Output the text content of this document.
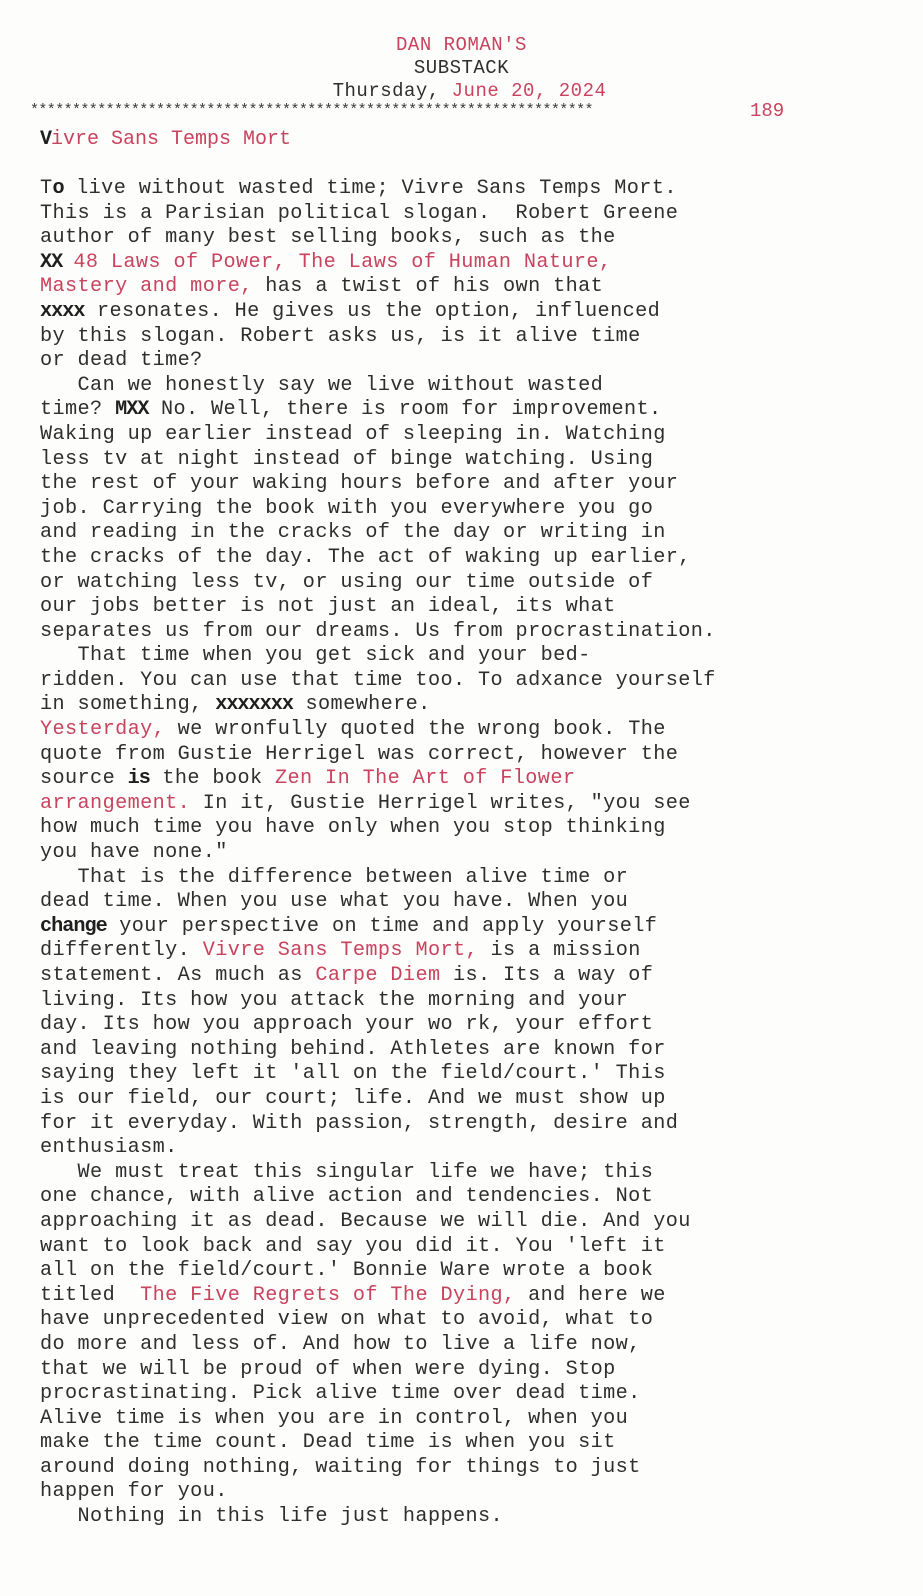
DAN ROMAN'S
SUBSTACK
Thursday, June 20, 2024
*******************************************************************	189
Vivre Sans Temps Mort
To live without wasted time; Vivre Sans Temps Mort.
This is a Parisian political slogan.  Robert Greene
author of many best selling books, such as the
XX 48 Laws of Power, The Laws of Human Nature,
Mastery and more, has a twist of his own that
xxxx resonates. He gives us the option, influenced
by this slogan. Robert asks us, is it alive time
or dead time?
Can we honestly say we live without wasted
time? MXX No. Well, there is room for improvement.
Waking up earlier instead of sleeping in. Watching
less tv at night instead of binge watching. Using
the rest of your waking hours before and after your
job. Carrying the book with you everywhere you go
and reading in the cracks of the day or writing in
the cracks of the day. The act of waking up earlier,
or watching less tv, or using our time outside of
our jobs better is not just an ideal, its what
separates us from our dreams. Us from procrastination.
That time when you get sick and your bed-
ridden. You can use that time too. To adxance yourself
in something, xxxxxxx somewhere.
Yesterday, we wronfully quoted the wrong book. The
quote from Gustie Herrigel was correct, however the
source is the book Zen In The Art of Flower
arrangement. In it, Gustie Herrigel writes, "you see
how much time you have only when you stop thinking
you have none."
That is the difference between alive time or
dead time. When you use what you have. When you
change your perspective on time and apply yourself
differently. Vivre Sans Temps Mort, is a mission
statement. As much as Carpe Diem is. Its a way of
living. Its how you attack the morning and your
day. Its how you approach your wo rk, your effort
and leaving nothing behind. Athletes are known for
saying they left it 'all on the field/court.' This
is our field, our court; life. And we must show up
for it everyday. With passion, strength, desire and
enthusiasm.
We must treat this singular life we have; this
one chance, with alive action and tendencies. Not
approaching it as dead. Because we will die. And you
want to look back and say you did it. You 'left it
all on the field/court.' Bonnie Ware wrote a book
titled  The Five Regrets of The Dying, and here we
have unprecedented view on what to avoid, what to
do more and less of. And how to live a life now,
that we will be proud of when were dying. Stop
procrastinating. Pick alive time over dead time.
Alive time is when you are in control, when you
make the time count. Dead time is when you sit
around doing nothing, waiting for things to just
happen for you.
Nothing in this life just happens.
